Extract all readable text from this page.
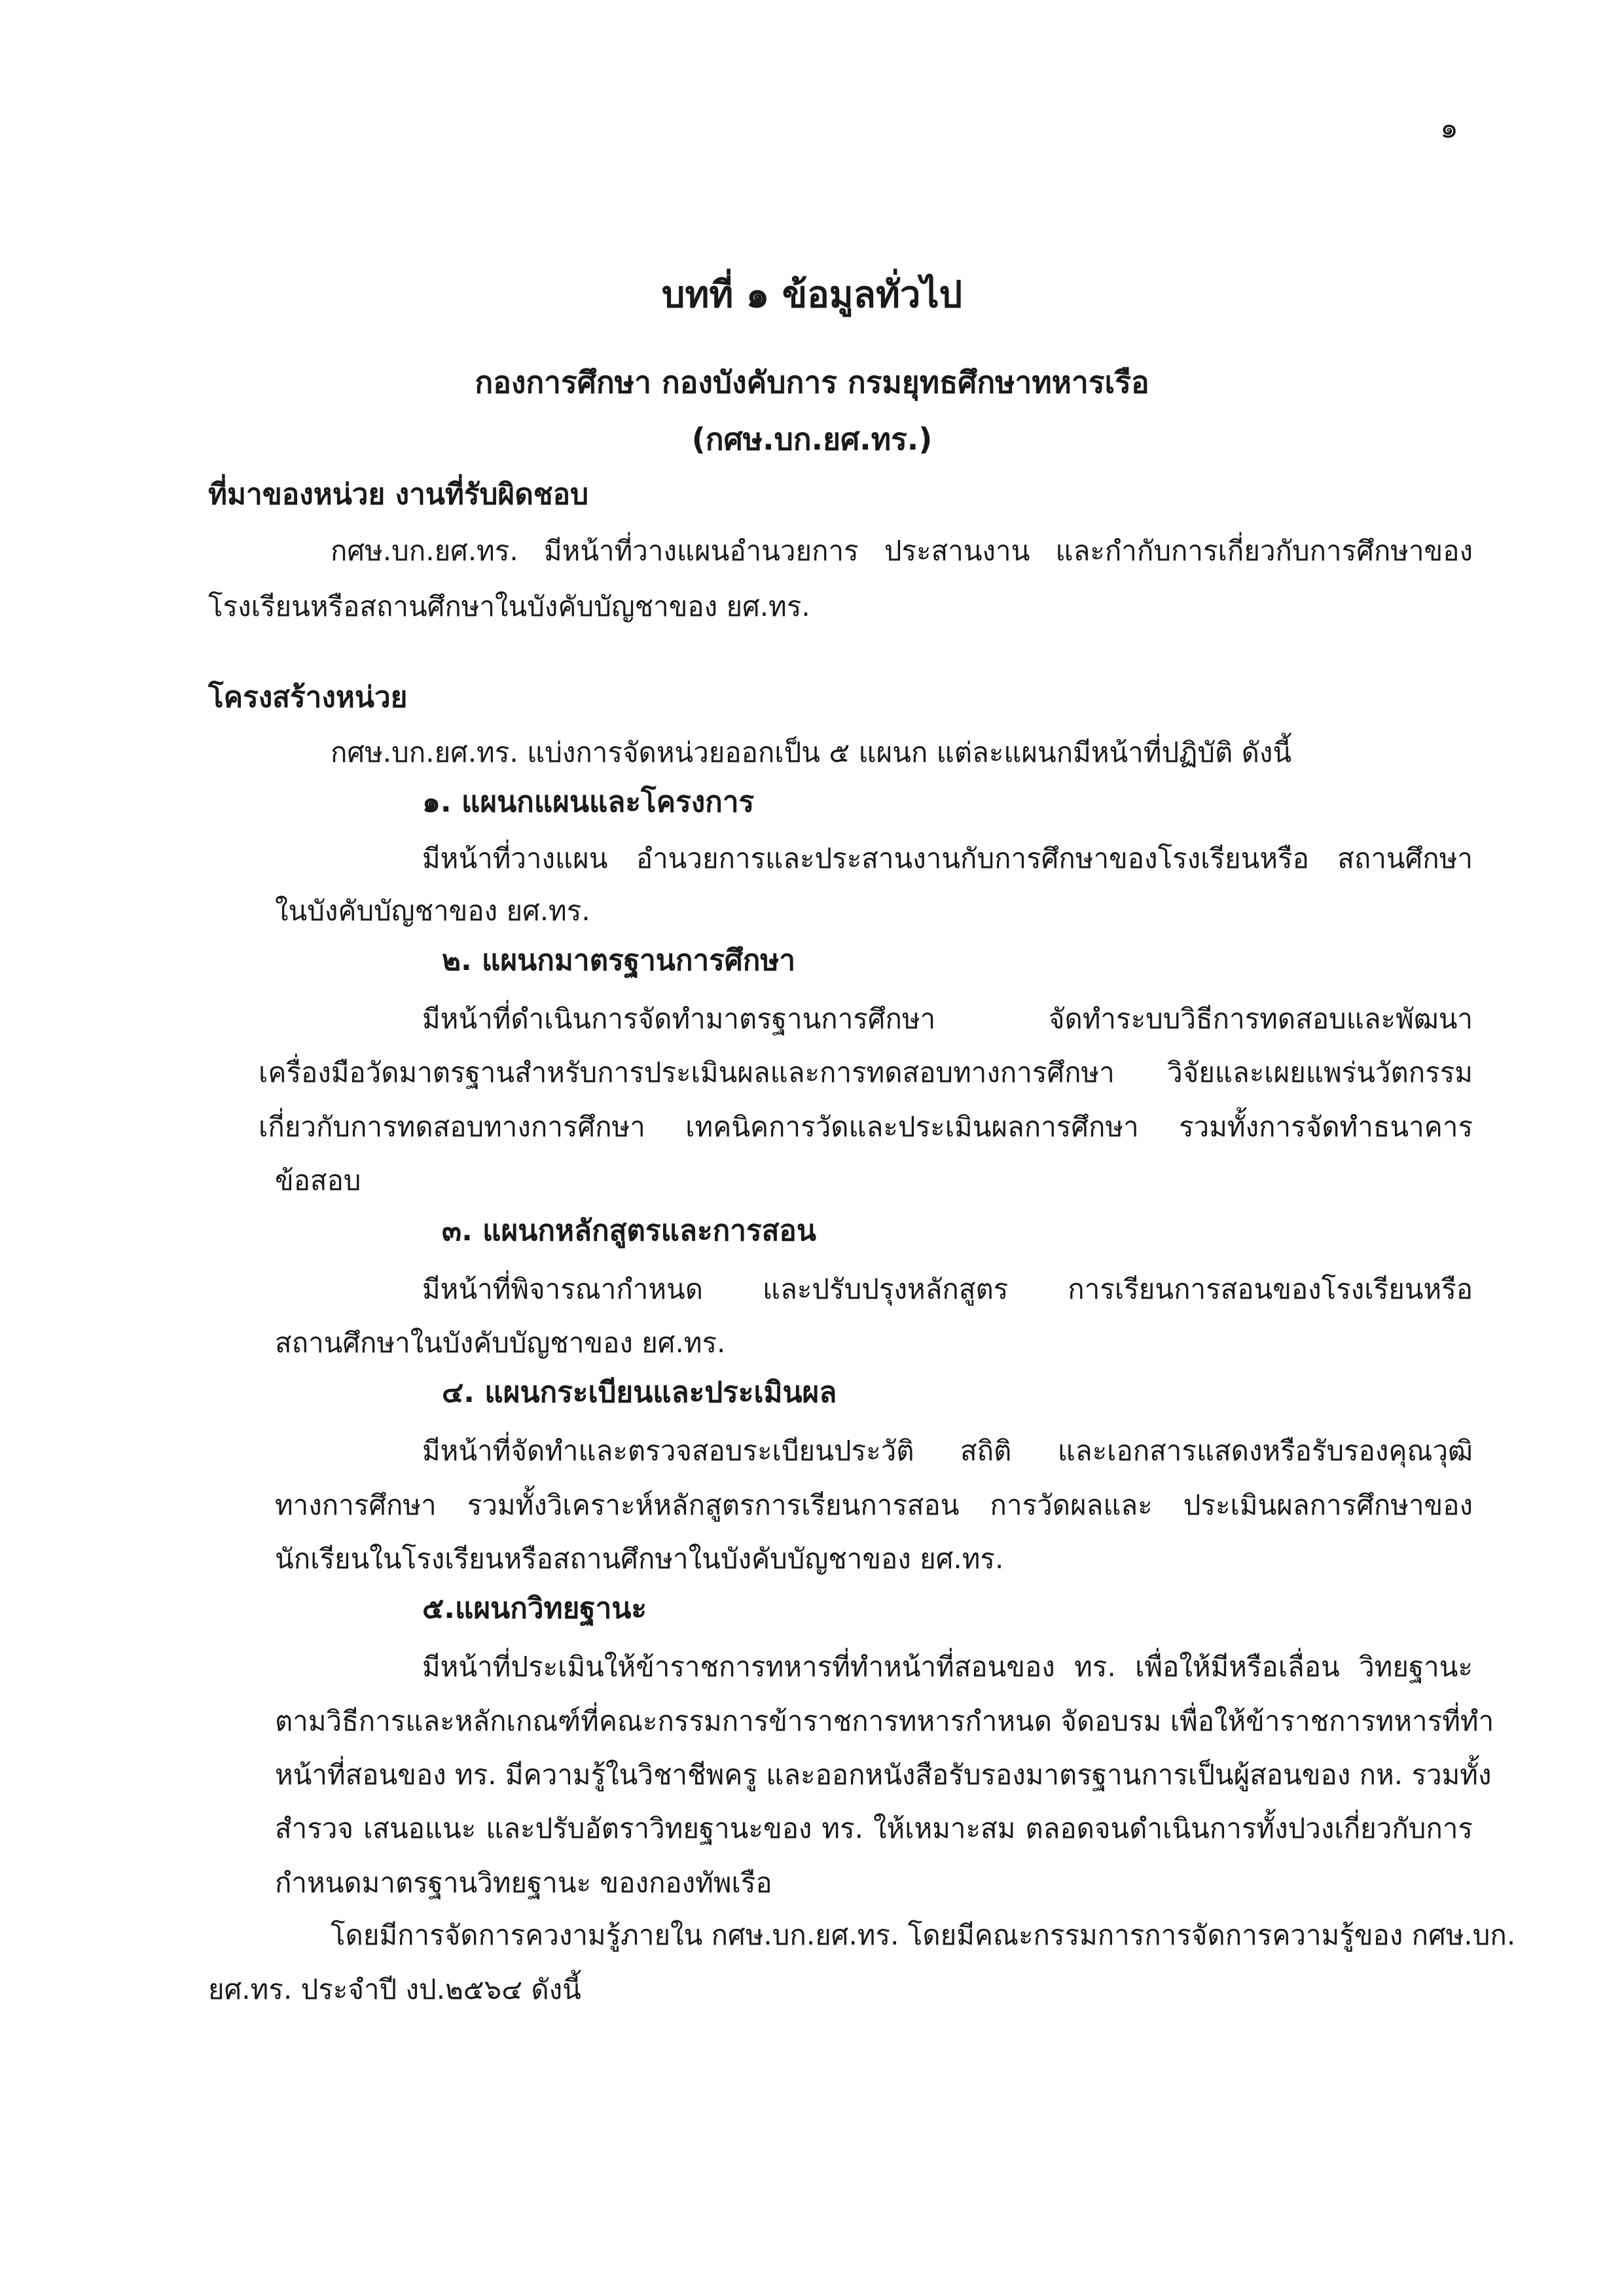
๑
บทที่ ๑ ข้อมูลทั่วไป
กองการศึกษา กองบังคับการ กรมยุทธศึกษาทหารเรือ
(กศษ.บก.ยศ.ทร.)
ที่มาของหน่วย งานที่รับผิดชอบ
กศษ.บก.ยศ.ทร. มีหน้าที่วางแผนอำนวยการ ประสานงาน และกำกับการเกี่ยวกับการศึกษาของ
โรงเรียนหรือสถานศึกษาในบังคับบัญชาของ ยศ.ทร.
โครงสร้างหน่วย
กศษ.บก.ยศ.ทร. แบ่งการจัดหน่วยออกเป็น ๕ แผนก แต่ละแผนกมีหน้าที่ปฏิบัติ ดังนี้
๑. แผนกแผนและโครงการ
มีหน้าที่วางแผน อำนวยการและประสานงานกับการศึกษาของโรงเรียนหรือ สถานศึกษา
ในบังคับบัญชาของ ยศ.ทร.
๒. แผนกมาตรฐานการศึกษา
มีหน้าที่ดำเนินการจัดทำมาตรฐานการศึกษา จัดทำระบบวิธีการทดสอบและพัฒนา
เครื่องมือวัดมาตรฐานสำหรับการประเมินผลและการทดสอบทางการศึกษา วิจัยและเผยแพร่นวัตกรรม
เกี่ยวกับการทดสอบทางการศึกษา เทคนิคการวัดและประเมินผลการศึกษา รวมทั้งการจัดทำธนาคาร
ข้อสอบ
๓. แผนกหลักสูตรและการสอน
มีหน้าที่พิจารณากำหนด และปรับปรุงหลักสูตร การเรียนการสอนของโรงเรียนหรือ
สถานศึกษาในบังคับบัญชาของ ยศ.ทร.
๔. แผนกระเบียนและประเมินผล
มีหน้าที่จัดทำและตรวจสอบระเบียนประวัติ สถิติ และเอกสารแสดงหรือรับรองคุณวุฒิ
ทางการศึกษา รวมทั้งวิเคราะห์หลักสูตรการเรียนการสอน การวัดผลและ ประเมินผลการศึกษาของ
นักเรียนในโรงเรียนหรือสถานศึกษาในบังคับบัญชาของ ยศ.ทร.
๕.แผนกวิทยฐานะ
มีหน้าที่ประเมินให้ข้าราชการทหารที่ทำหน้าที่สอนของ ทร. เพื่อให้มีหรือเลื่อน วิทยฐานะ
ตามวิธีการและหลักเกณฑ์ที่คณะกรรมการข้าราชการทหารกำหนด จัดอบรม เพื่อให้ข้าราชการทหารที่ทำ
หน้าที่สอนของ ทร. มีความรู้ในวิชาชีพครู และออกหนังสือรับรองมาตรฐานการเป็นผู้สอนของ กห. รวมทั้ง
สำรวจ เสนอแนะ และปรับอัตราวิทยฐานะของ ทร. ให้เหมาะสม ตลอดจนดำเนินการทั้งปวงเกี่ยวกับการ
กำหนดมาตรฐานวิทยฐานะ ของกองทัพเรือ
โดยมีการจัดการควงามรู้ภายใน กศษ.บก.ยศ.ทร. โดยมีคณะกรรมการการจัดการความรู้ของ กศษ.บก.
ยศ.ทร. ประจำปี งป.๒๕๖๔ ดังนี้
